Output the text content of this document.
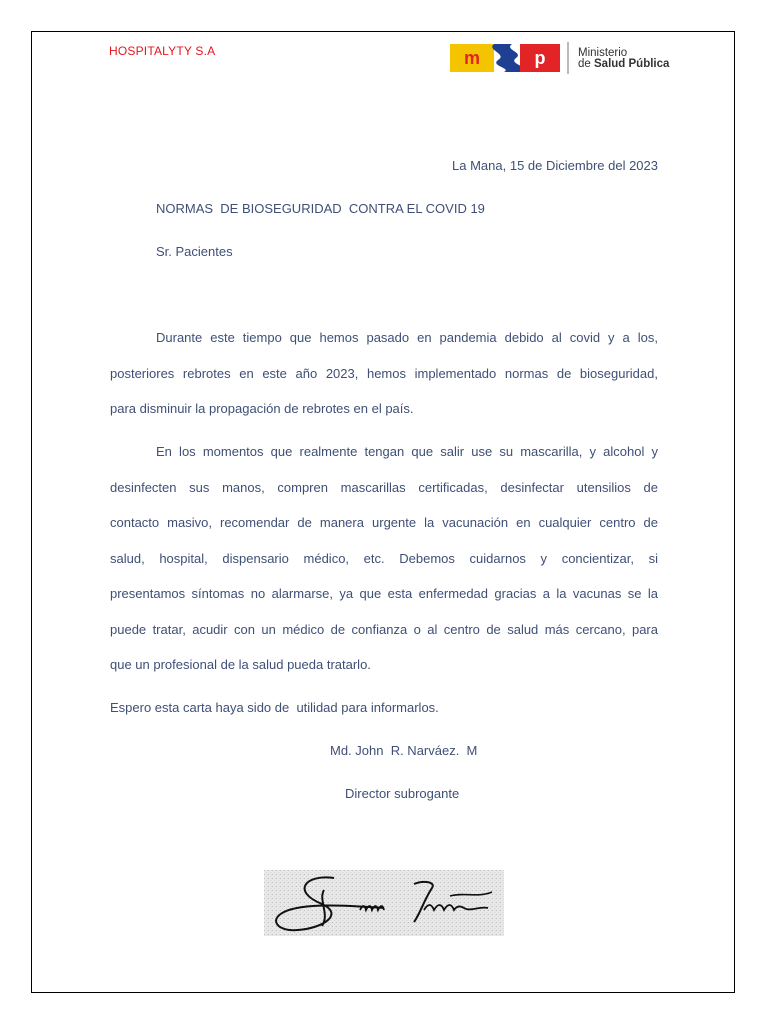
HOSPITALYTY S.A	m	p	Ministerio
de Salud Pública
La Mana, 15 de Diciembre del 2023
NORMAS  DE BIOSEGURIDAD  CONTRA EL COVID 19
Sr. Pacientes
Durante este tiempo que hemos pasado en pandemia debido al covid y a los,
posteriores rebrotes en este año 2023, hemos implementado normas de bioseguridad,
para disminuir la propagación de rebrotes en el país.
En los momentos que realmente tengan que salir use su mascarilla, y alcohol y
desinfecten sus manos, compren mascarillas certificadas, desinfectar utensilios de
contacto masivo, recomendar de manera urgente la vacunación en cualquier centro de
salud, hospital, dispensario médico, etc. Debemos cuidarnos y concientizar, si
presentamos síntomas no alarmarse, ya que esta enfermedad gracias a la vacunas se la
puede tratar, acudir con un médico de confianza o al centro de salud más cercano, para
que un profesional de la salud pueda tratarlo.
Espero esta carta haya sido de  utilidad para informarlos.
Md. John  R. Narváez.  M
Director subrogante
